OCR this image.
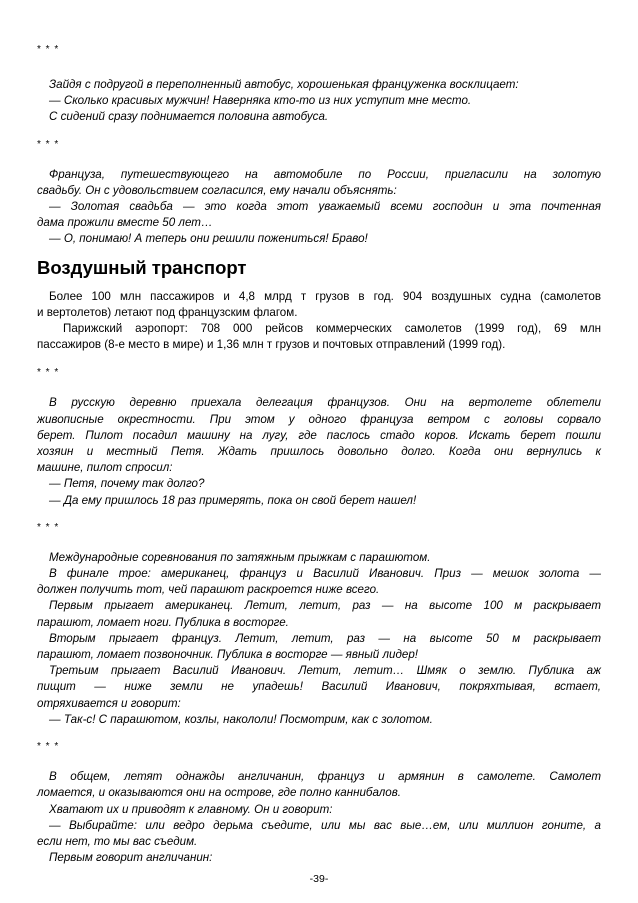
* * *
Зайдя с подругой в переполненный автобус, хорошенькая француженка восклицает:
— Сколько красивых мужчин! Наверняка кто-то из них уступит мне место.
С сидений сразу поднимается половина автобуса.
* * *
Француза, путешествующего на автомобиле по России, пригласили на золотую
свадьбу. Он с удовольствием согласился, ему начали объяснять:
— Золотая свадьба — это когда этот уважаемый всеми господин и эта почтенная
дама прожили вместе 50 лет…
— О, понимаю! А теперь они решили пожениться! Браво!
Воздушный транспорт
Более 100 млн пассажиров и 4,8 млрд т грузов в год. 904 воздушных судна (самолетов
и вертолетов) летают под французским флагом.
Парижский аэропорт: 708 000 рейсов коммерческих самолетов (1999 год), 69 млн
пассажиров (8-е место в мире) и 1,36 млн т грузов и почтовых отправлений (1999 год).
* * *
В русскую деревню приехала делегация французов. Они на вертолете облетели
живописные окрестности. При этом у одного француза ветром с головы сорвало
берет. Пилот посадил машину на лугу, где паслось стадо коров. Искать берет пошли
хозяин и местный Петя. Ждать пришлось довольно долго. Когда они вернулись к
машине, пилот спросил:
— Петя, почему так долго?
— Да ему пришлось 18 раз примерять, пока он свой берет нашел!
* * *
Международные соревнования по затяжным прыжкам с парашютом.
В финале трое: американец, француз и Василий Иванович. Приз — мешок золота —
должен получить тот, чей парашют раскроется ниже всего.
Первым прыгает американец. Летит, летит, раз — на высоте 100 м раскрывает
парашют, ломает ноги. Публика в восторге.
Вторым прыгает француз. Летит, летит, раз — на высоте 50 м раскрывает
парашют, ломает позвоночник. Публика в восторге — явный лидер!
Третьим прыгает Василий Иванович. Летит, летит… Шмяк о землю. Публика аж
пищит — ниже земли не упадешь! Василий Иванович, покряхтывая, встает,
отряхивается и говорит:
— Так-с! С парашютом, козлы, накололи! Посмотрим, как с золотом.
* * *
В общем, летят однажды англичанин, француз и армянин в самолете. Самолет
ломается, и оказываются они на острове, где полно каннибалов.
Хватают их и приводят к главному. Он и говорит:
— Выбирайте: или ведро дерьма съедите, или мы вас вые…ем, или миллион гоните, а
если нет, то мы вас съедим.
Первым говорит англичанин:
-39-
